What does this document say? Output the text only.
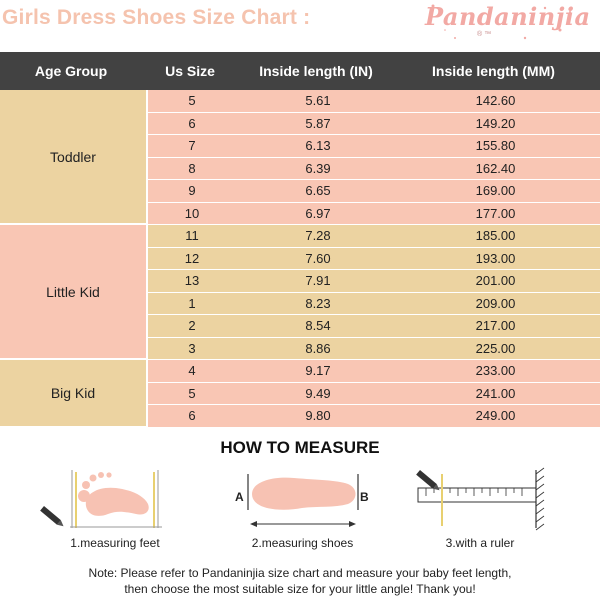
Girls Dress Shoes Size Chart :	Pandaninjia
® ™
Age Group	Us Size	Inside length (IN)	Inside length (MM)
Toddler
5	5.61	142.60
6	5.87	149.20
7	6.13	155.80
8	6.39	162.40
9	6.65	169.00
10	6.97	177.00
Little Kid
11	7.28	185.00
12	7.60	193.00
13	7.91	201.00
1	8.23	209.00
2	8.54	217.00
3	8.86	225.00
Big Kid
4	9.17	233.00
5	9.49	241.00
6	9.80	249.00
HOW TO MEASURE
1.measuring feet
A	B
2.measuring shoes	3.with a ruler
Note: Please refer to Pandaninjia size chart and measure your baby feet length,
then choose the most suitable size for your little angle! Thank you!
